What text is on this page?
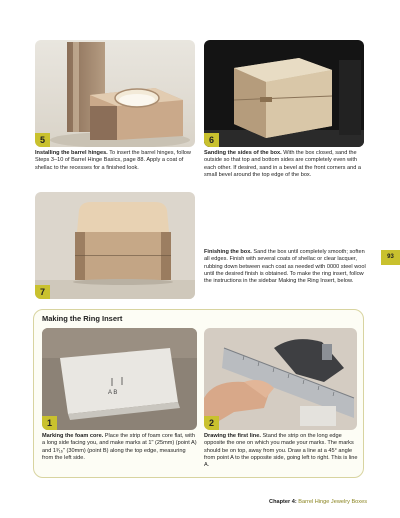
5
Installing the barrel hinges. To insert the barrel hinges, follow Steps 3–10 of Barrel Hinge Basics, page 88. Apply a coat of shellac to the recesses for a finished look.
6
Sanding the sides of the box. With the box closed, sand the outside so that top and bottom sides are completely even with each other. If desired, sand in a bevel at the front corners and a small bevel around the top edge of the box.
7
Finishing the box. Sand the box until completely smooth; soften all edges. Finish with several coats of shellac or clear lacquer, rubbing down between each coat as needed with 0000 steel wool until the desired finish is obtained. To make the ring insert, follow the instructions in the sidebar Making the Ring Insert, below.
93
Making the Ring Insert
A B
1
Marking the foam core. Place the strip of foam core flat, with a long side facing you, and make marks at 1" (25mm) (point A) and 1³⁄₁₆" (30mm) (point B) along the top edge, measuring from the left side.
2
Drawing the first line. Stand the strip on the long edge opposite the one on which you made your marks. The marks should be on top, away from you. Draw a line at a 45° angle from point A to the opposite side, going left to right. This is line A.
Chapter 4: Barrel Hinge Jewelry Boxes
